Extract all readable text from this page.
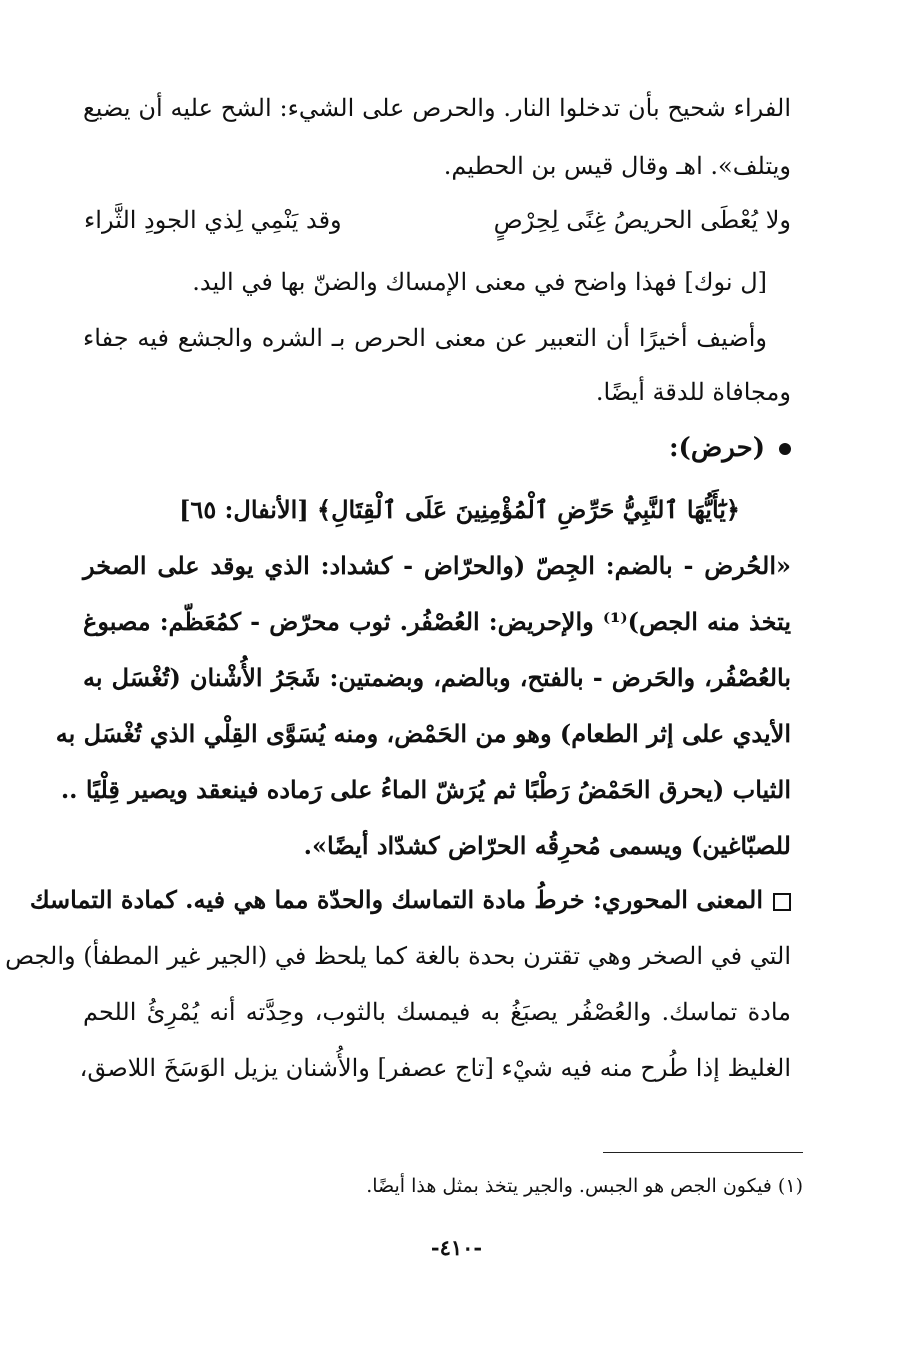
الفراء شحيح بأن تدخلوا النار. والحرص على الشيء: الشح عليه أن يضيع
ويتلف». اهـ وقال قيس بن الحطيم.
ولا يُعْطَى الحريصُ غِنًى لِحِرْصٍ
وقد يَنْمِي لِذي الجودِ الثَّراء
[ل نوك] فهذا واضح في معنى الإمساك والضنّ بها في اليد.
وأضيف أخيرًا أن التعبير عن معنى الحرص بـ الشره والجشع فيه جفاء
ومجافاة للدقة أيضًا.
(حرض):
﴿يَٰٓأَيُّهَا ٱلنَّبِيُّ حَرِّضِ ٱلْمُؤْمِنِينَ عَلَى ٱلْقِتَالِ﴾ [الأنفال: ٦٥]
«الحُرض - بالضم: الجِصّ (والحرّاض - كشداد: الذي يوقد على الصخر
يتخذ منه الجص)⁽¹⁾ والإحريض: العُصْفُر. ثوب محرّض - كمُعَظّم: مصبوغ
بالعُصْفُر، والحَرض - بالفتح، وبالضم، وبضمتين: شَجَرُ الأُشْنان (تُغْسَل به
الأيدي على إثر الطعام) وهو من الحَمْض، ومنه يُسَوَّى القِلْي الذي تُغْسَل به
الثياب (يحرق الحَمْضُ رَطْبًا ثم يُرَشّ الماءُ على رَماده فينعقد ويصير قِلْيًا ..
للصبّاغين) ويسمى مُحرِقُه الحرّاض كشدّاد أيضًا».
المعنى المحوري: خرطُ مادة التماسك والحدّة مما هي فيه. كمادة التماسك
التي في الصخر وهي تقترن بحدة بالغة كما يلحظ في (الجير غير المطفأ) والجص
مادة تماسك. والعُصْفُر يصبَغُ به فيمسك بالثوب، وحِدَّته أنه يُمْرِئُ اللحم
الغليظ إذا طُرح منه فيه شيْء [تاج عصفر] والأُشنان يزيل الوَسَخَ اللاصق،
(١) فيكون الجص هو الجبس. والجير يتخذ بمثل هذا أيضًا.
-٤١٠-
